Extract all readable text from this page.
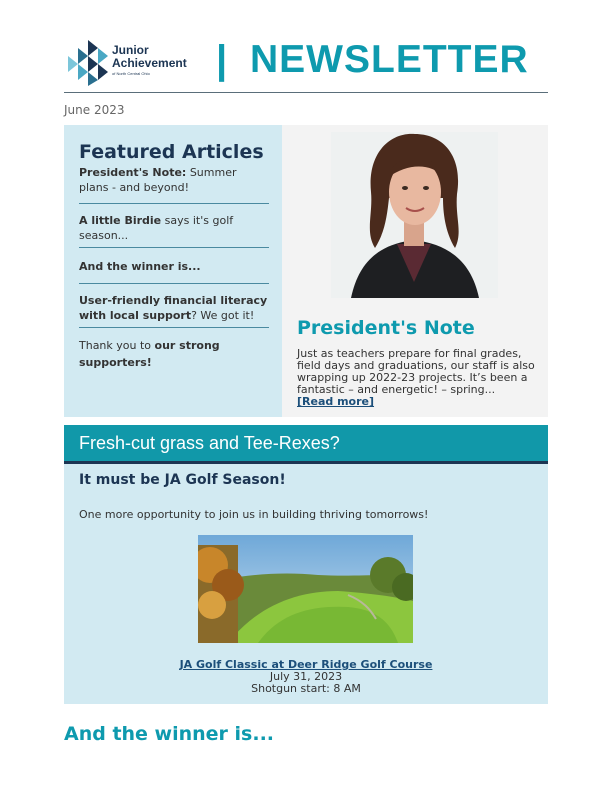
Junior
Achievement
of North Central Ohio	| NEWSLETTER
June 2023
Featured Articles
President's Note: Summer plans - and beyond!
A little Birdie says it's golf season...
And the winner is...
User-friendly financial literacy with local support? We got it!
Thank you to our strong supporters!
President's Note
Just as teachers prepare for final grades, field days and graduations, our staff is also wrapping up 2022-23 projects. It’s been a fantastic – and energetic! – spring...
[Read more]
Fresh-cut grass and Tee-Rexes?
It must be JA Golf Season!
One more opportunity to join us in building thriving tomorrows!
JA Golf Classic at Deer Ridge Golf Course
July 31, 2023
Shotgun start: 8 AM
And the winner is...
